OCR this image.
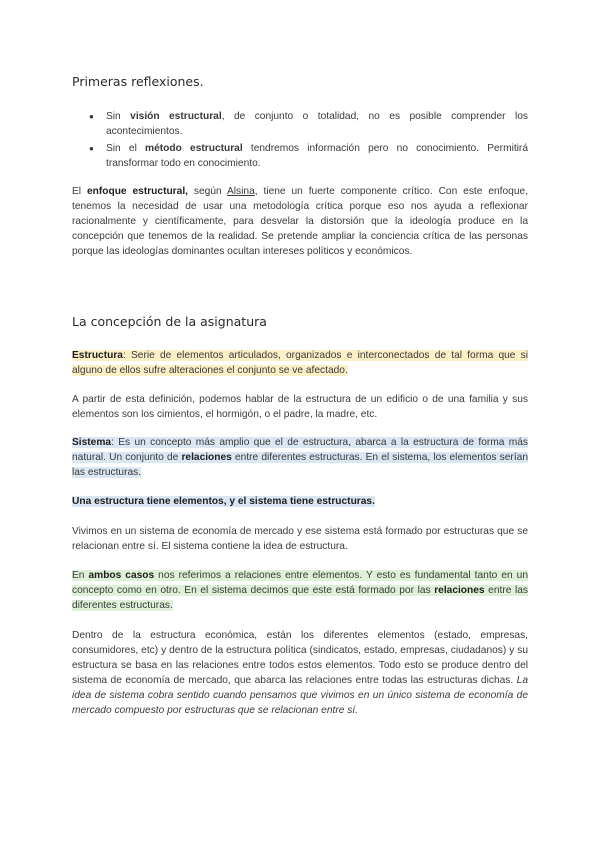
Primeras reflexiones.
● Sin visión estructural, de conjunto o totalidad, no es posible comprender los acontecimientos.
● Sin el método estructural tendremos información pero no conocimiento. Permitirá transformar todo en conocimiento.
El enfoque estructural, según Alsina, tiene un fuerte componente crítico. Con este enfoque, tenemos la necesidad de usar una metodología crítica porque eso nos ayuda a reflexionar racionalmente y científicamente, para desvelar la distorsión que la ideología produce en la concepción que tenemos de la realidad. Se pretende ampliar la conciencia crítica de las personas porque las ideologías dominantes ocultan intereses políticos y económicos.
La concepción de la asignatura
Estructura: Serie de elementos articulados, organizados e interconectados de tal forma que si alguno de ellos sufre alteraciones el conjunto se ve afectado.
A partir de esta definición, podemos hablar de la estructura de un edificio o de una familia y sus elementos son los cimientos, el hormigón, o el padre, la madre, etc.
Sistema: Es un concepto más amplio que el de estructura, abarca a la estructura de forma más natural. Un conjunto de relaciones entre diferentes estructuras. En el sistema, los elementos serían las estructuras.
Una estructura tiene elementos, y el sistema tiene estructuras.
Vivimos en un sistema de economía de mercado y ese sistema está formado por estructuras que se relacionan entre sí. El sistema contiene la idea de estructura.
En ambos casos nos referimos a relaciones entre elementos. Y esto es fundamental tanto en un concepto como en otro. En el sistema decimos que este está formado por las relaciones entre las diferentes estructuras.
Dentro de la estructura económica, están los diferentes elementos (estado, empresas, consumidores, etc) y dentro de la estructura política (sindicatos, estado, empresas, ciudadanos) y su estructura se basa en las relaciones entre todos estos elementos. Todo esto se produce dentro del sistema de economía de mercado, que abarca las relaciones entre todas las estructuras dichas. La idea de sistema cobra sentido cuando pensamos que vivimos en un único sistema de economía de mercado compuesto por estructuras que se relacionan entre sí.
